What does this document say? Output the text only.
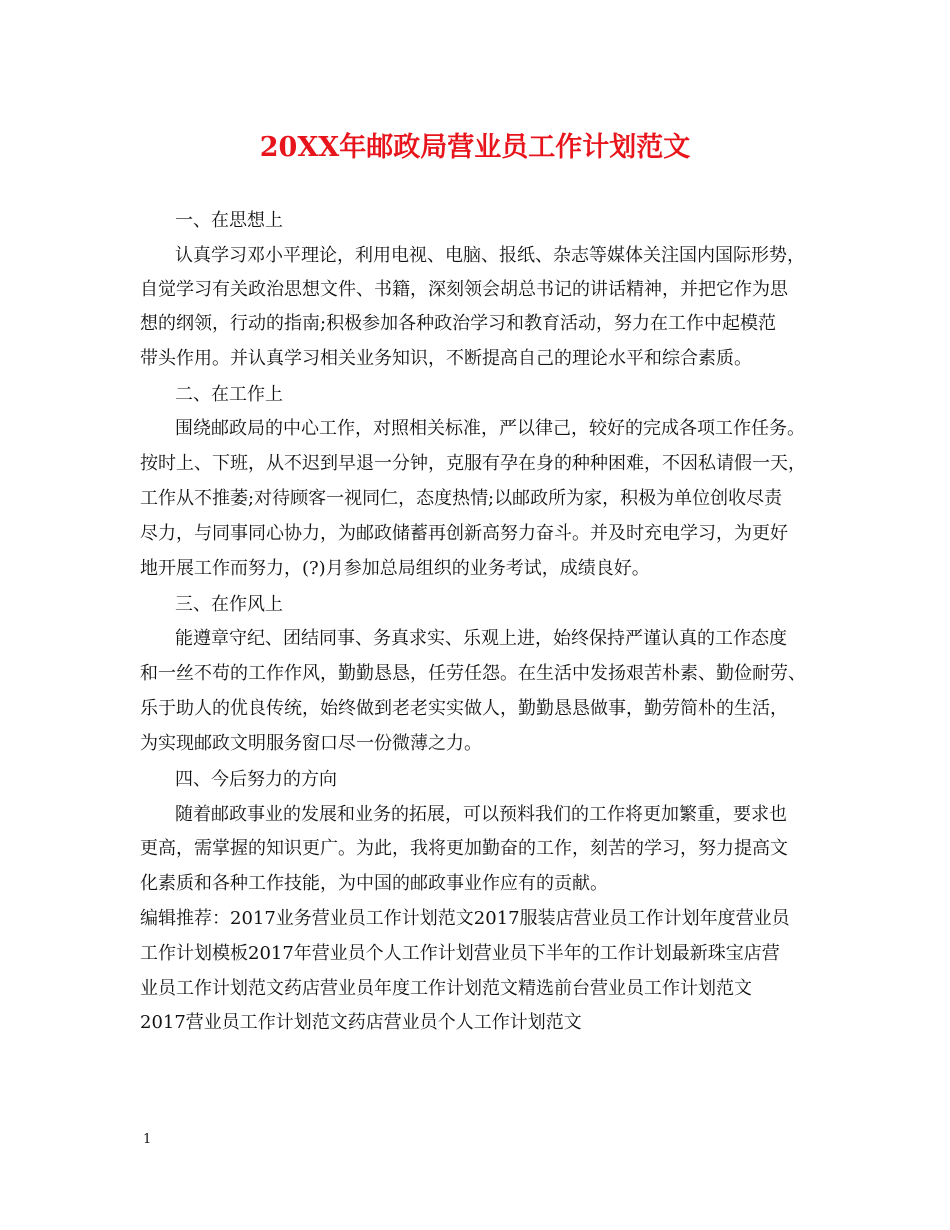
20XX年邮政局营业员工作计划范文
一、在思想上
认真学习邓小平理论，利用电视、电脑、报纸、杂志等媒体关注国内国际形势，
自觉学习有关政治思想文件、书籍，深刻领会胡总书记的讲话精神，并把它作为思
想的纲领，行动的指南;积极参加各种政治学习和教育活动，努力在工作中起模范
带头作用。并认真学习相关业务知识，不断提高自己的理论水平和综合素质。
二、在工作上
围绕邮政局的中心工作，对照相关标准，严以律己，较好的完成各项工作任务。
按时上、下班，从不迟到早退一分钟，克服有孕在身的种种困难，不因私请假一天，
工作从不推萎;对待顾客一视同仁，态度热情;以邮政所为家，积极为单位创收尽责
尽力，与同事同心协力，为邮政储蓄再创新高努力奋斗。并及时充电学习，为更好
地开展工作而努力，(?)月参加总局组织的业务考试，成绩良好。
三、在作风上
能遵章守纪、团结同事、务真求实、乐观上进，始终保持严谨认真的工作态度
和一丝不苟的工作作风，勤勤恳恳，任劳任怨。在生活中发扬艰苦朴素、勤俭耐劳、
乐于助人的优良传统，始终做到老老实实做人，勤勤恳恳做事，勤劳简朴的生活，
为实现邮政文明服务窗口尽一份微薄之力。
四、今后努力的方向
随着邮政事业的发展和业务的拓展，可以预料我们的工作将更加繁重，要求也
更高，需掌握的知识更广。为此，我将更加勤奋的工作，刻苦的学习，努力提高文
化素质和各种工作技能，为中国的邮政事业作应有的贡献。
编辑推荐：2017业务营业员工作计划范文2017服装店营业员工作计划年度营业员
工作计划模板2017年营业员个人工作计划营业员下半年的工作计划最新珠宝店营
业员工作计划范文药店营业员年度工作计划范文精选前台营业员工作计划范文
2017营业员工作计划范文药店营业员个人工作计划范文
1
